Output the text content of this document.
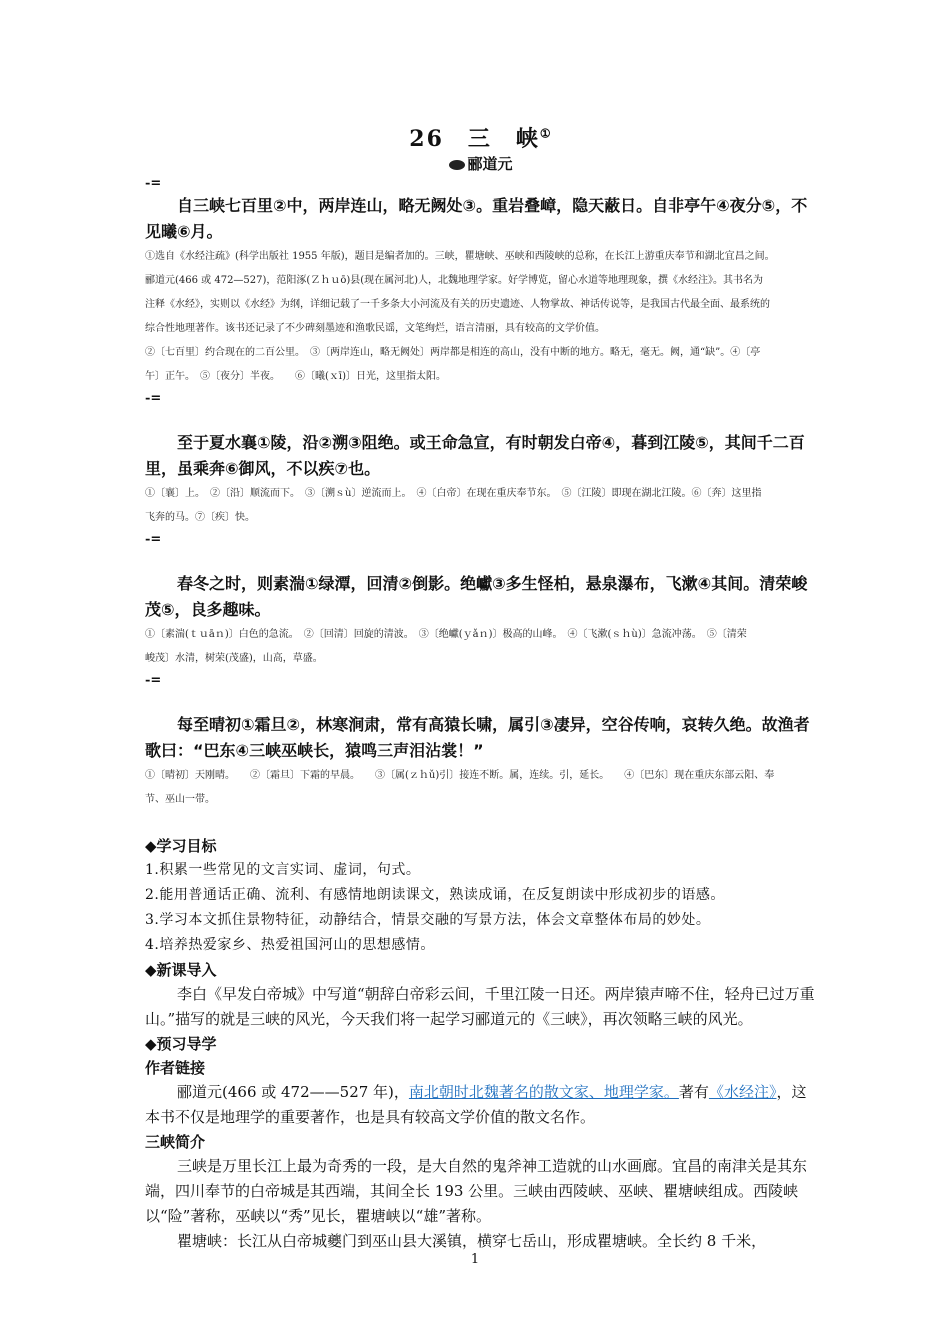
26　三　峡①
郦道元
-=

自三峡七百里②中，两岸连山，略无阙处③。重岩叠嶂，隐天蔽日。自非亭午④夜分⑤，不见曦⑥月。

①选自《水经注疏》(科学出版社 1955 年版)，题目是编者加的。三峡，瞿塘峡、巫峡和西陵峡的总称，在长江上游重庆奉节和湖北宜昌之间。

郦道元(466 或 472—527)，范阳涿(Ｚｈｕō)县(现在属河北)人，北魏地理学家。好学博览，留心水道等地理现象，撰《水经注》。其书名为

注释《水经》，实则以《水经》为纲，详细记载了一千多条大小河流及有关的历史遗迹、人物掌故、神话传说等，是我国古代最全面、最系统的

综合性地理著作。该书还记录了不少碑刻墨迹和渔歌民谣，文笔绚烂，语言清丽，具有较高的文学价值。

②〔七百里〕约合现在的二百公里。　③〔两岸连山，略无阙处〕两岸都是相连的高山，没有中断的地方。略无，毫无。阙，通“缺”。④〔亭

午〕正午。　⑤〔夜分〕半夜。　　⑥〔曦(ｘī)〕日光，这里指太阳。

-=

至于夏水襄①陵，沿②溯③阻绝。或王命急宣，有时朝发白帝④，暮到江陵⑤，其间千二百里，虽乘奔⑥御风，不以疾⑦也。

①〔襄〕上。　②〔沿〕顺流而下。　③〔溯ｓù〕逆流而上。　④〔白帝〕在现在重庆奉节东。　⑤〔江陵〕即现在湖北江陵。⑥〔奔〕这里指

飞奔的马。⑦〔疾〕快。

-=

春冬之时，则素湍①绿潭，回清②倒影。绝巘③多生怪柏，悬泉瀑布，飞漱④其间。清荣峻茂⑤，良多趣味。

①〔素湍(ｔｕāｎ)〕白色的急流。　②〔回清〕回旋的清波。　③〔绝巘(ｙǎｎ)〕极高的山峰。　④〔飞漱(ｓｈù)〕急流冲荡。　⑤〔清荣

峻茂〕水清，树荣(茂盛)，山高，草盛。

-=

每至晴初①霜旦②，林寒涧肃，常有高猿长啸，属引③凄异，空谷传响，哀转久绝。故渔者歌曰：“巴东④三峡巫峡长，猿鸣三声泪沾裳！”

①〔晴初〕天刚晴。　　②〔霜旦〕下霜的早晨。　　③〔属(ｚｈǔ)引〕接连不断。属，连续。引，延长。　　④〔巴东〕现在重庆东部云阳、奉

节、巫山一带。

◆学习目标

1.积累一些常见的文言实词、虚词，句式。

2.能用普通话正确、流利、有感情地朗读课文，熟读成诵，在反复朗读中形成初步的语感。

3.学习本文抓住景物特征，动静结合，情景交融的写景方法，体会文章整体布局的妙处。

4.培养热爱家乡、热爱祖国河山的思想感情。

◆新课导入

李白《早发白帝城》中写道“朝辞白帝彩云间，千里江陵一日还。两岸猿声啼不住，轻舟已过万重山。”描写的就是三峡的风光，今天我们将一起学习郦道元的《三峡》，再次领略三峡的风光。

◆预习导学
作者链接

郦道元(466 或 472——527 年)，南北朝时北魏著名的散文家、地理学家。著有《水经注》，这本书不仅是地理学的重要著作，也是具有较高文学价值的散文名作。

三峡简介

三峡是万里长江上最为奇秀的一段，是大自然的鬼斧神工造就的山水画廊。宜昌的南津关是其东端，四川奉节的白帝城是其西端，其间全长 193 公里。三峡由西陵峡、巫峡、瞿塘峡组成。西陵峡以“险”著称，巫峡以“秀”见长，瞿塘峡以“雄”著称。

瞿塘峡：长江从白帝城夔门到巫山县大溪镇，横穿七岳山，形成瞿塘峡。全长约 8 千米，

1
